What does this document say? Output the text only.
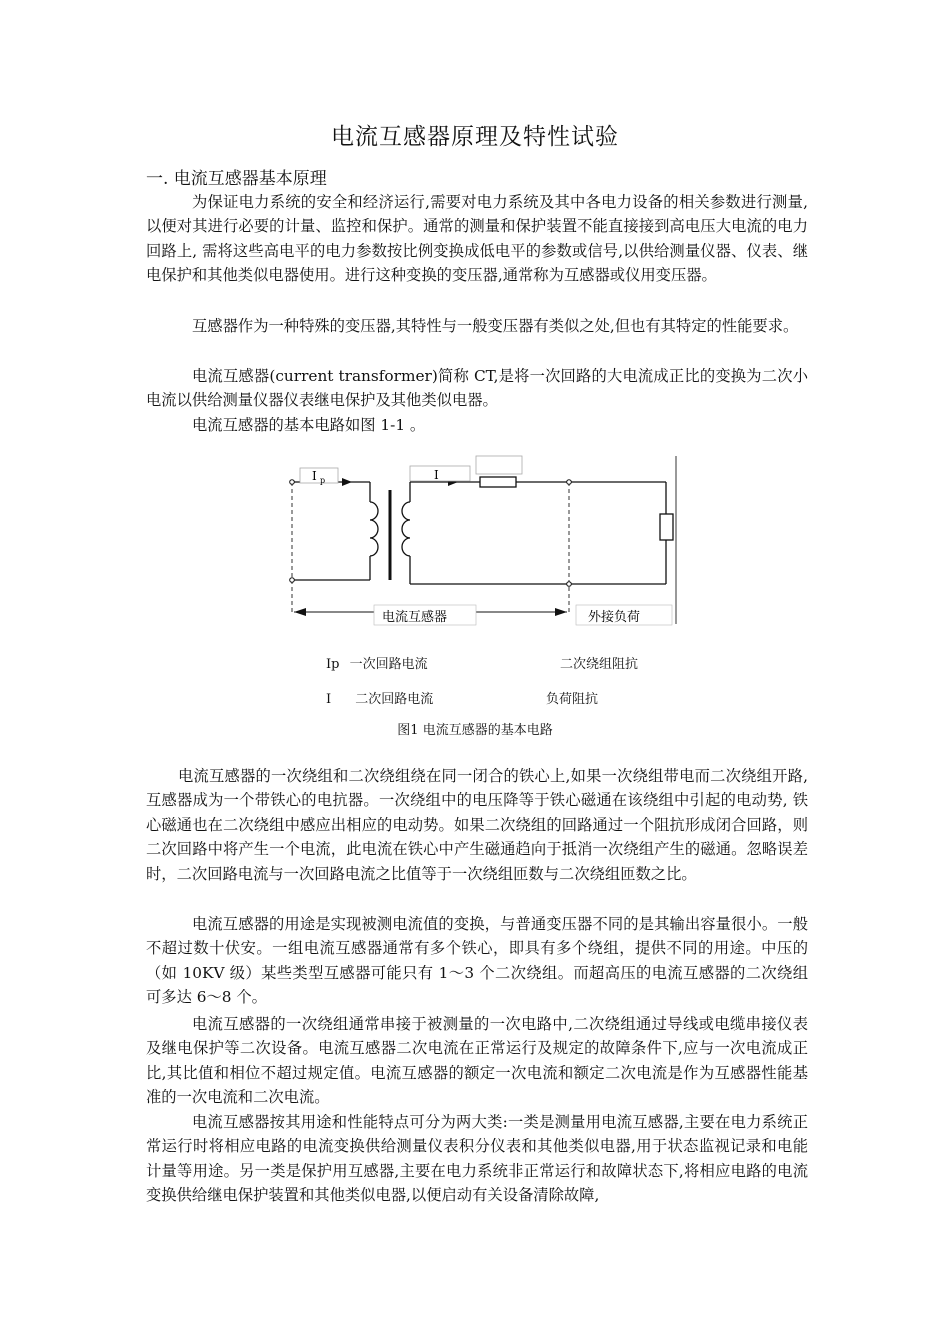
电流互感器原理及特性试验
一. 电流互感器基本原理

为保证电力系统的安全和经济运行,需要对电力系统及其中各电力设备的相关参数进行测量,以便对其进行必要的计量、监控和保护。通常的测量和保护装置不能直接接到高电压大电流的电力回路上, 需将这些高电平的电力参数按比例变换成低电平的参数或信号,以供给测量仪器、仪表、继电保护和其他类似电器使用。进行这种变换的变压器,通常称为互感器或仪用变压器。

互感器作为一种特殊的变压器,其特性与一般变压器有类似之处,但也有其特定的性能要求。

电流互感器(current transformer)简称 CT,是将一次回路的大电流成正比的变换为二次小电流以供给测量仪器仪表继电保护及其他类似电器。

电流互感器的基本电路如图 1-1 。

I p	I
电流互感器	外接负荷
Ip 一次回路电流	二次绕组阻抗
I 二次回路电流	负荷阻抗
图1 电流互感器的基本电路

电流互感器的一次绕组和二次绕组绕在同一闭合的铁心上,如果一次绕组带电而二次绕组开路,互感器成为一个带铁心的电抗器。一次绕组中的电压降等于铁心磁通在该绕组中引起的电动势, 铁心磁通也在二次绕组中感应出相应的电动势。如果二次绕组的回路通过一个阻抗形成闭合回路，则二次回路中将产生一个电流，此电流在铁心中产生磁通趋向于抵消一次绕组产生的磁通。忽略误差时，二次回路电流与一次回路电流之比值等于一次绕组匝数与二次绕组匝数之比。

电流互感器的用途是实现被测电流值的变换，与普通变压器不同的是其输出容量很小。一般不超过数十伏安。一组电流互感器通常有多个铁心，即具有多个绕组，提供不同的用途。中压的（如 10KV 级）某些类型互感器可能只有 1～3 个二次绕组。而超高压的电流互感器的二次绕组可多达 6～8 个。

电流互感器的一次绕组通常串接于被测量的一次电路中,二次绕组通过导线或电缆串接仪表及继电保护等二次设备。电流互感器二次电流在正常运行及规定的故障条件下,应与一次电流成正比,其比值和相位不超过规定值。电流互感器的额定一次电流和额定二次电流是作为互感器性能基准的一次电流和二次电流。

电流互感器按其用途和性能特点可分为两大类:一类是测量用电流互感器,主要在电力系统正常运行时将相应电路的电流变换供给测量仪表积分仪表和其他类似电器,用于状态监视记录和电能计量等用途。另一类是保护用互感器,主要在电力系统非正常运行和故障状态下,将相应电路的电流变换供给继电保护装置和其他类似电器,以便启动有关设备清除故障,
